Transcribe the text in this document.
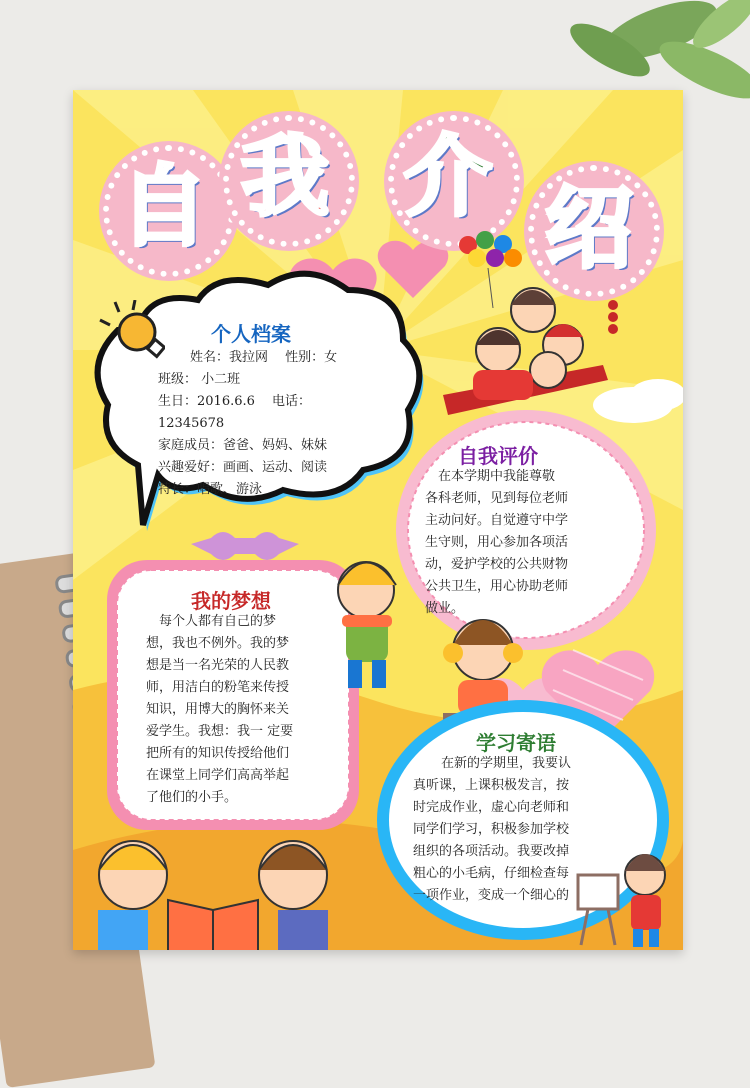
自 我 介
绍
个人档案
姓名：我拉网　 性别：女
班级： 小二班
生日：2016.6.6　 电话：
12345678
家庭成员：爸爸、妈妈、妹妹
兴趣爱好：画画、运动、阅读
特长：唱歌、游泳
自我评价
　在本学期中我能尊敬
各科老师，见到每位老师
主动问好。自觉遵守中学
生守则，用心参加各项活
动，爱护学校的公共财物
公共卫生，用心协助老师
做业。
我的梦想
　每个人都有自己的梦
想，我也不例外。我的梦
想是当一名光荣的人民教
师，用洁白的粉笔来传授
知识，用博大的胸怀来关
爱学生。我想：我一 定要
把所有的知识传授给他们
在课堂上同学们高高举起
了他们的小手。
学习寄语
在新的学期里，我要认
真听课，上课积极发言，按
时完成作业，虚心向老师和
同学们学习，积极参加学校
组织的各项活动。我要改掉
粗心的小毛病，仔细检查每
一项作业，变成一个细心的
